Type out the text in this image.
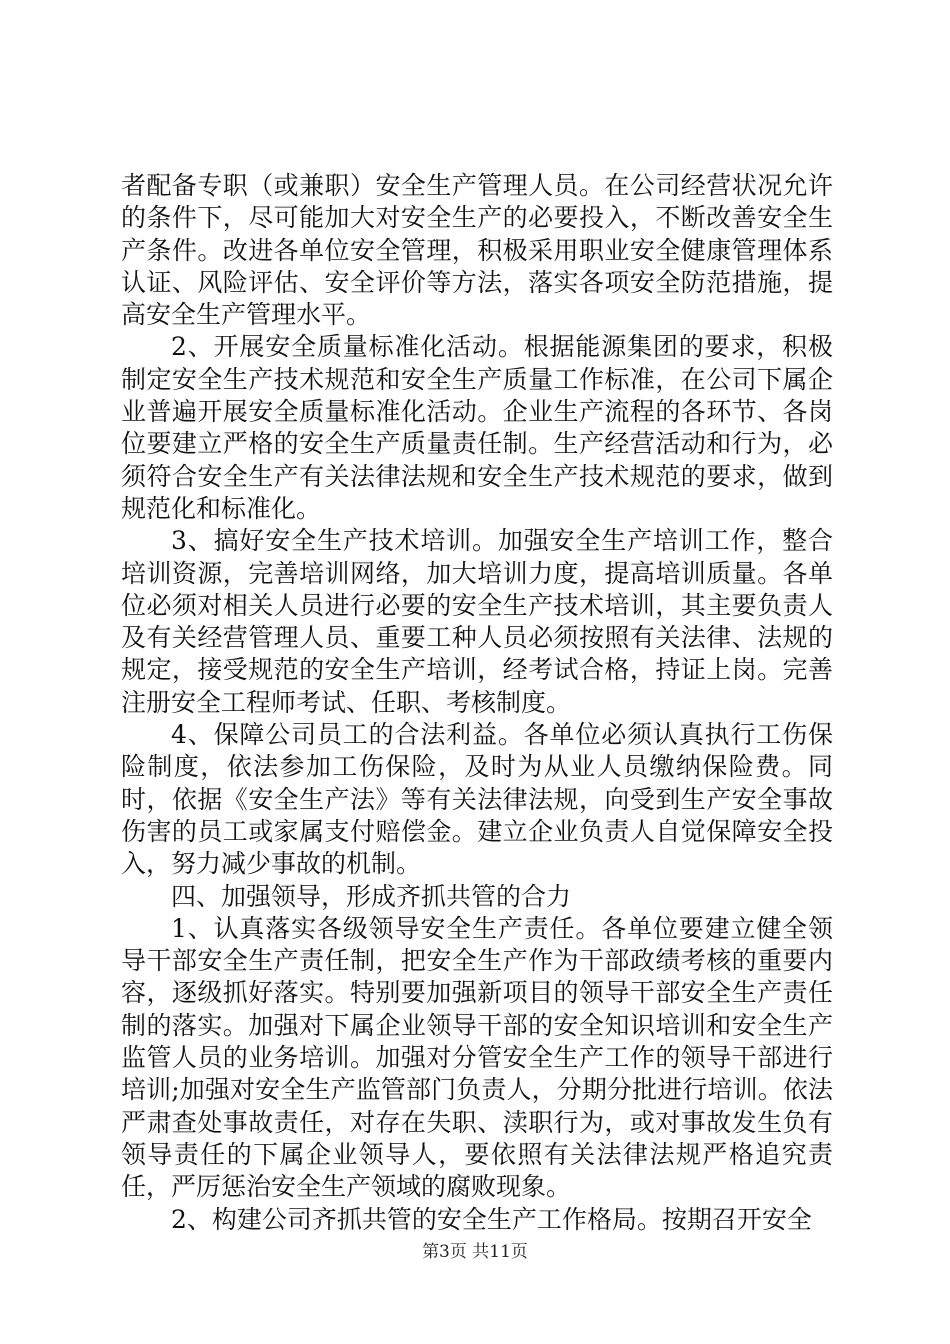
者配备专职（或兼职）安全生产管理人员。在公司经营状况允许的条件下，尽可能加大对安全生产的必要投入，不断改善安全生产条件。改进各单位安全管理，积极采用职业安全健康管理体系认证、风险评估、安全评价等方法，落实各项安全防范措施，提高安全生产管理水平。

2、开展安全质量标准化活动。根据能源集团的要求，积极制定安全生产技术规范和安全生产质量工作标准，在公司下属企业普遍开展安全质量标准化活动。企业生产流程的各环节、各岗位要建立严格的安全生产质量责任制。生产经营活动和行为，必须符合安全生产有关法律法规和安全生产技术规范的要求，做到规范化和标准化。

3、搞好安全生产技术培训。加强安全生产培训工作，整合培训资源，完善培训网络，加大培训力度，提高培训质量。各单位必须对相关人员进行必要的安全生产技术培训，其主要负责人及有关经营管理人员、重要工种人员必须按照有关法律、法规的规定，接受规范的安全生产培训，经考试合格，持证上岗。完善注册安全工程师考试、任职、考核制度。

4、保障公司员工的合法利益。各单位必须认真执行工伤保险制度，依法参加工伤保险，及时为从业人员缴纳保险费。同时，依据《安全生产法》等有关法律法规，向受到生产安全事故伤害的员工或家属支付赔偿金。建立企业负责人自觉保障安全投入，努力减少事故的机制。

四、加强领导，形成齐抓共管的合力

1、认真落实各级领导安全生产责任。各单位要建立健全领导干部安全生产责任制，把安全生产作为干部政绩考核的重要内容，逐级抓好落实。特别要加强新项目的领导干部安全生产责任制的落实。加强对下属企业领导干部的安全知识培训和安全生产监管人员的业务培训。加强对分管安全生产工作的领导干部进行培训;加强对安全生产监管部门负责人，分期分批进行培训。依法严肃查处事故责任，对存在失职、渎职行为，或对事故发生负有领导责任的下属企业领导人，要依照有关法律法规严格追究责任，严厉惩治安全生产领域的腐败现象。

2、构建公司齐抓共管的安全生产工作格局。按期召开安全

第3页 共11页
